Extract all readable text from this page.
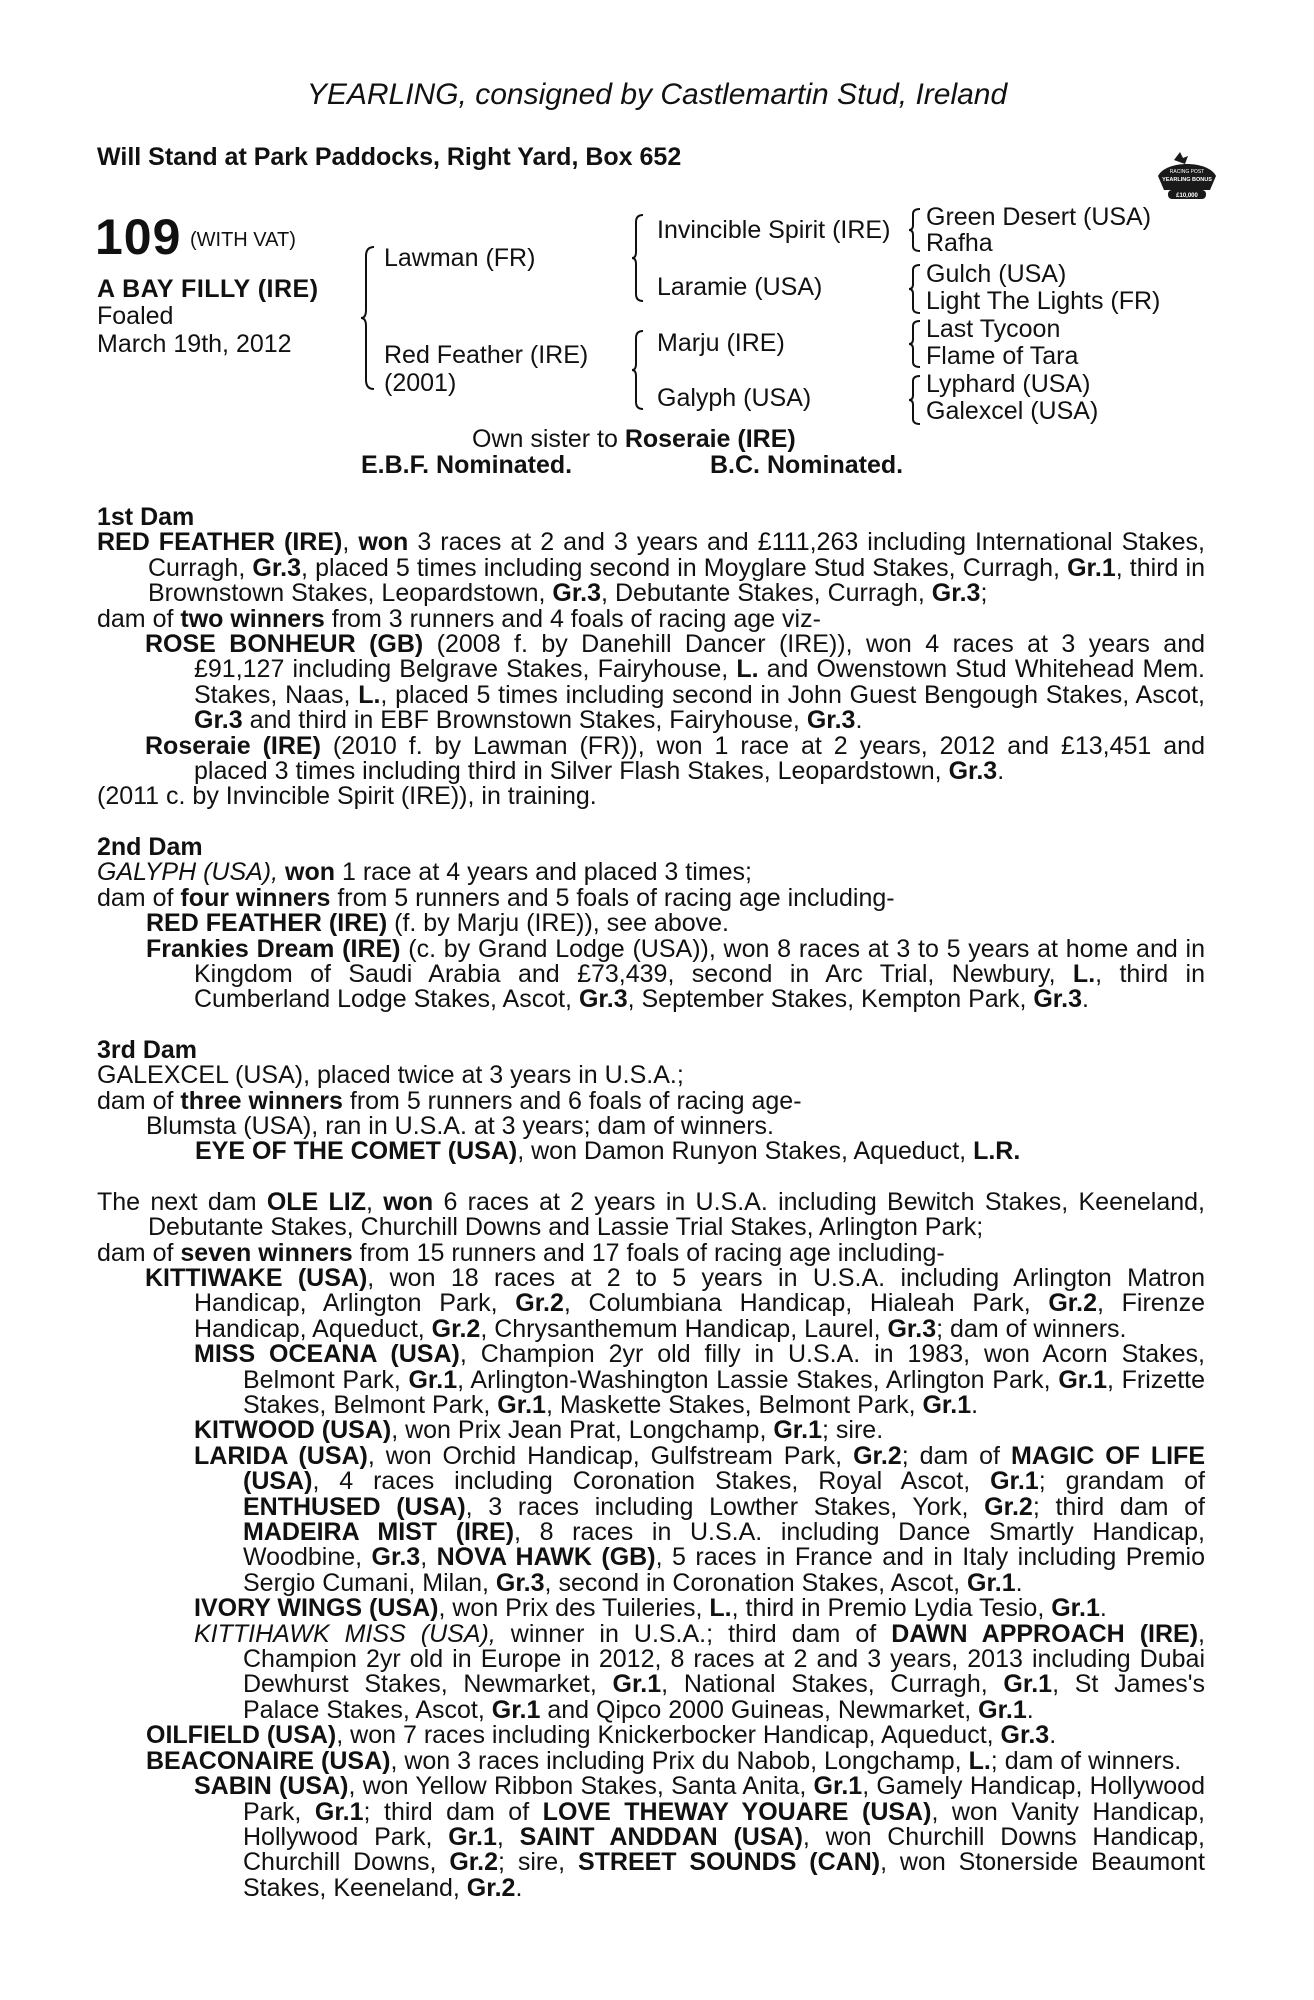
YEARLING, consigned by Castlemartin Stud, Ireland
Will Stand at Park Paddocks, Right Yard, Box 652
RACING POST
YEARLING BONUS
£10,000
109 (WITH VAT)
A BAY FILLY (IRE)
Foaled
March 19th, 2012
Lawman (FR)
Red Feather (IRE)
(2001)
Invincible Spirit (IRE)
Laramie (USA)
Marju (IRE)
Galyph (USA)
Green Desert (USA)
Rafha
Gulch (USA)
Light The Lights (FR)
Last Tycoon
Flame of Tara
Lyphard (USA)
Galexcel (USA)
Own sister to Roseraie (IRE)
E.B.F. Nominated.	B.C. Nominated.

1st Dam

RED FEATHER (IRE), won 3 races at 2 and 3 years and £111,263 including International Stakes, Curragh, Gr.3, placed 5 times including second in Moyglare Stud Stakes, Curragh, Gr.1, third in Brownstown Stakes, Leopardstown, Gr.3, Debutante Stakes, Curragh, Gr.3;

dam of two winners from 3 runners and 4 foals of racing age viz-

ROSE BONHEUR (GB) (2008 f. by Danehill Dancer (IRE)), won 4 races at 3 years and £91,127 including Belgrave Stakes, Fairyhouse, L. and Owenstown Stud Whitehead Mem. Stakes, Naas, L., placed 5 times including second in John Guest Bengough Stakes, Ascot, Gr.3 and third in EBF Brownstown Stakes, Fairyhouse, Gr.3.

Roseraie (IRE) (2010 f. by Lawman (FR)), won 1 race at 2 years, 2012 and £13,451 and placed 3 times including third in Silver Flash Stakes, Leopardstown, Gr.3.

(2011 c. by Invincible Spirit (IRE)), in training.

2nd Dam

GALYPH (USA), won 1 race at 4 years and placed 3 times;

dam of four winners from 5 runners and 5 foals of racing age including-

RED FEATHER (IRE) (f. by Marju (IRE)), see above.

Frankies Dream (IRE) (c. by Grand Lodge (USA)), won 8 races at 3 to 5 years at home and in Kingdom of Saudi Arabia and £73,439, second in Arc Trial, Newbury, L., third in Cumberland Lodge Stakes, Ascot, Gr.3, September Stakes, Kempton Park, Gr.3.

3rd Dam

GALEXCEL (USA), placed twice at 3 years in U.S.A.;

dam of three winners from 5 runners and 6 foals of racing age-

Blumsta (USA), ran in U.S.A. at 3 years; dam of winners.

EYE OF THE COMET (USA), won Damon Runyon Stakes, Aqueduct, L.R.

The next dam OLE LIZ, won 6 races at 2 years in U.S.A. including Bewitch Stakes, Keeneland, Debutante Stakes, Churchill Downs and Lassie Trial Stakes, Arlington Park;

dam of seven winners from 15 runners and 17 foals of racing age including-

KITTIWAKE (USA), won 18 races at 2 to 5 years in U.S.A. including Arlington Matron Handicap, Arlington Park, Gr.2, Columbiana Handicap, Hialeah Park, Gr.2, Firenze Handicap, Aqueduct, Gr.2, Chrysanthemum Handicap, Laurel, Gr.3; dam of winners.

MISS OCEANA (USA), Champion 2yr old filly in U.S.A. in 1983, won Acorn Stakes, Belmont Park, Gr.1, Arlington-Washington Lassie Stakes, Arlington Park, Gr.1, Frizette Stakes, Belmont Park, Gr.1, Maskette Stakes, Belmont Park, Gr.1.

KITWOOD (USA), won Prix Jean Prat, Longchamp, Gr.1; sire.

LARIDA (USA), won Orchid Handicap, Gulfstream Park, Gr.2; dam of MAGIC OF LIFE (USA), 4 races including Coronation Stakes, Royal Ascot, Gr.1; grandam of ENTHUSED (USA), 3 races including Lowther Stakes, York, Gr.2; third dam of MADEIRA MIST (IRE), 8 races in U.S.A. including Dance Smartly Handicap, Woodbine, Gr.3, NOVA HAWK (GB), 5 races in France and in Italy including Premio Sergio Cumani, Milan, Gr.3, second in Coronation Stakes, Ascot, Gr.1.

IVORY WINGS (USA), won Prix des Tuileries, L., third in Premio Lydia Tesio, Gr.1.

KITTIHAWK MISS (USA), winner in U.S.A.; third dam of DAWN APPROACH (IRE), Champion 2yr old in Europe in 2012, 8 races at 2 and 3 years, 2013 including Dubai Dewhurst Stakes, Newmarket, Gr.1, National Stakes, Curragh, Gr.1, St James's Palace Stakes, Ascot, Gr.1 and Qipco 2000 Guineas, Newmarket, Gr.1.

OILFIELD (USA), won 7 races including Knickerbocker Handicap, Aqueduct, Gr.3.

BEACONAIRE (USA), won 3 races including Prix du Nabob, Longchamp, L.; dam of winners.

SABIN (USA), won Yellow Ribbon Stakes, Santa Anita, Gr.1, Gamely Handicap, Hollywood Park, Gr.1; third dam of LOVE THEWAY YOUARE (USA), won Vanity Handicap, Hollywood Park, Gr.1, SAINT ANDDAN (USA), won Churchill Downs Handicap, Churchill Downs, Gr.2; sire, STREET SOUNDS (CAN), won Stonerside Beaumont Stakes, Keeneland, Gr.2.
